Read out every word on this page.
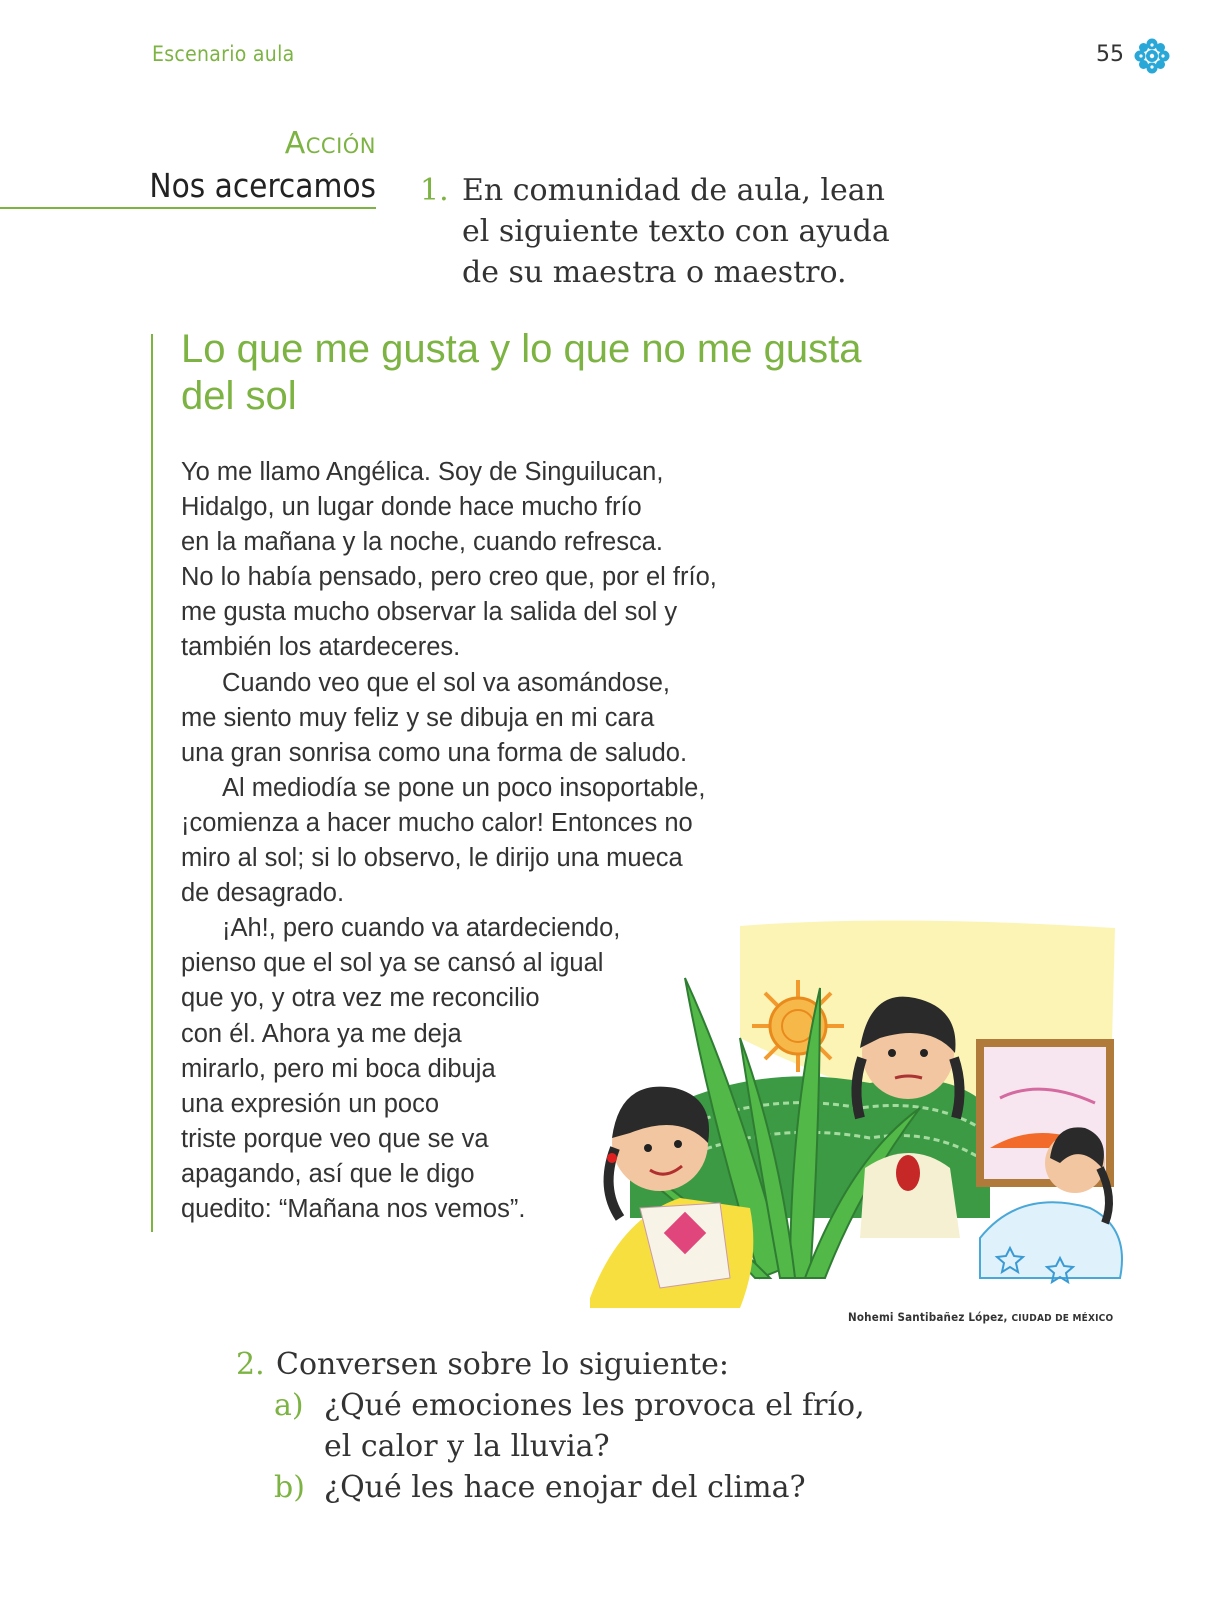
Escenario aula	55
Acción
Nos acercamos 1. En comunidad de aula, lean
el siguiente texto con ayuda
de su maestra o maestro.
Lo que me gusta y lo que no me gusta del sol
Yo me llamo Angélica. Soy de Singuilucan,
Hidalgo, un lugar donde hace mucho frío
en la mañana y la noche, cuando refresca.
No lo había pensado, pero creo que, por el frío,
me gusta mucho observar la salida del sol y
también los atardeceres.
Cuando veo que el sol va asomándose,
me siento muy feliz y se dibuja en mi cara
una gran sonrisa como una forma de saludo.
Al mediodía se pone un poco insoportable,
¡comienza a hacer mucho calor! Entonces no
miro al sol; si lo observo, le dirijo una mueca
de desagrado.
¡Ah!, pero cuando va atardeciendo,
pienso que el sol ya se cansó al igual
que yo, y otra vez me reconcilio
con él. Ahora ya me deja
mirarlo, pero mi boca dibuja
una expresión un poco
triste porque veo que se va
apagando, así que le digo
quedito: “Mañana nos vemos”.
Nohemi Santibañez López, CIUDAD DE MÉXICO
2. Conversen sobre lo siguiente:
a) ¿Qué emociones les provoca el frío,
el calor y la lluvia?
b) ¿Qué les hace enojar del clima?
